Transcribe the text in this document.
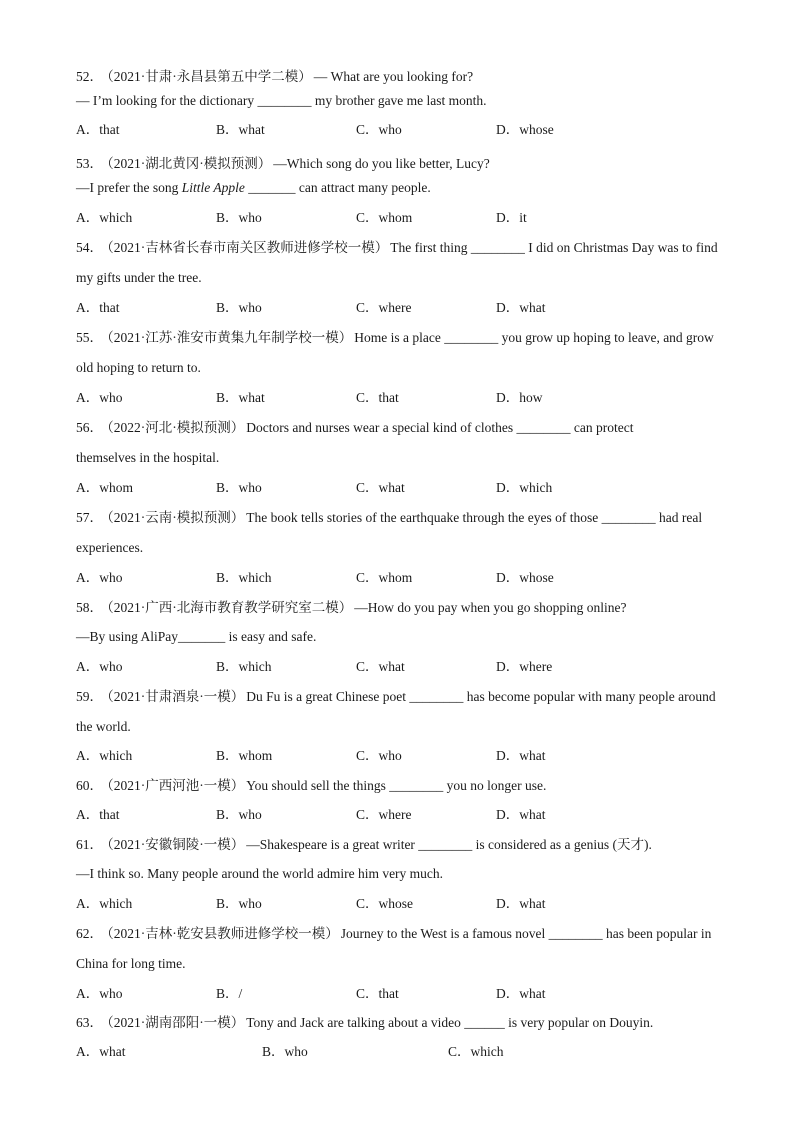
52． （2021·甘肃·永昌县第五中学二模） — What are you looking for?
— I’m looking for the dictionary ________ my brother gave me last month.
A．that	B．what	C．who	D．whose
53． （2021·湖北黄冈·模拟预测） —Which song do you like better, Lucy?
—I prefer the song Little Apple _______ can attract many people.
A．which	B．who	C．whom	D．it
54． （2021·吉林省长春市南关区教师进修学校一模） The first thing ________ I did on Christmas Day was to find my gifts under the tree.
A．that	B．who	C．where	D．what
55． （2021·江苏·淮安市黄集九年制学校一模） Home is a place ________ you grow up hoping to leave, and grow old hoping to return to.
A．who	B．what	C．that	D．how
56． （2022·河北·模拟预测） Doctors and nurses wear a special kind of clothes ________ can protect themselves in the hospital.
A．whom	B．who	C．what	D．which
57． （2021·云南·模拟预测） The book tells stories of the earthquake through the eyes of those ________ had real experiences.
A．who	B．which	C．whom	D．whose
58． （2021·广西·北海市教育教学研究室二模） —How do you pay when you go shopping online?
—By using AliPay_______ is easy and safe.
A．who	B．which	C．what	D．where
59． （2021·甘肃酒泉·一模） Du Fu is a great Chinese poet ________ has become popular with many people around the world.
A．which	B．whom	C．who	D．what
60． （2021·广西河池·一模） You should sell the things ________ you no longer use.
A．that	B．who	C．where	D．what
61． （2021·安徽铜陵·一模） —Shakespeare is a great writer ________ is considered as a genius (天才).
—I think so. Many people around the world admire him very much.
A．which	B．who	C．whose	D．what
62． （2021·吉林·乾安县教师进修学校一模） Journey to the West is a famous novel ________ has been popular in China for long time.
A．who	B．/	C．that	D．what
63． （2021·湖南邵阳·一模） Tony and Jack are talking about a video ______ is very popular on Douyin.
A．what	B．who	C．which
